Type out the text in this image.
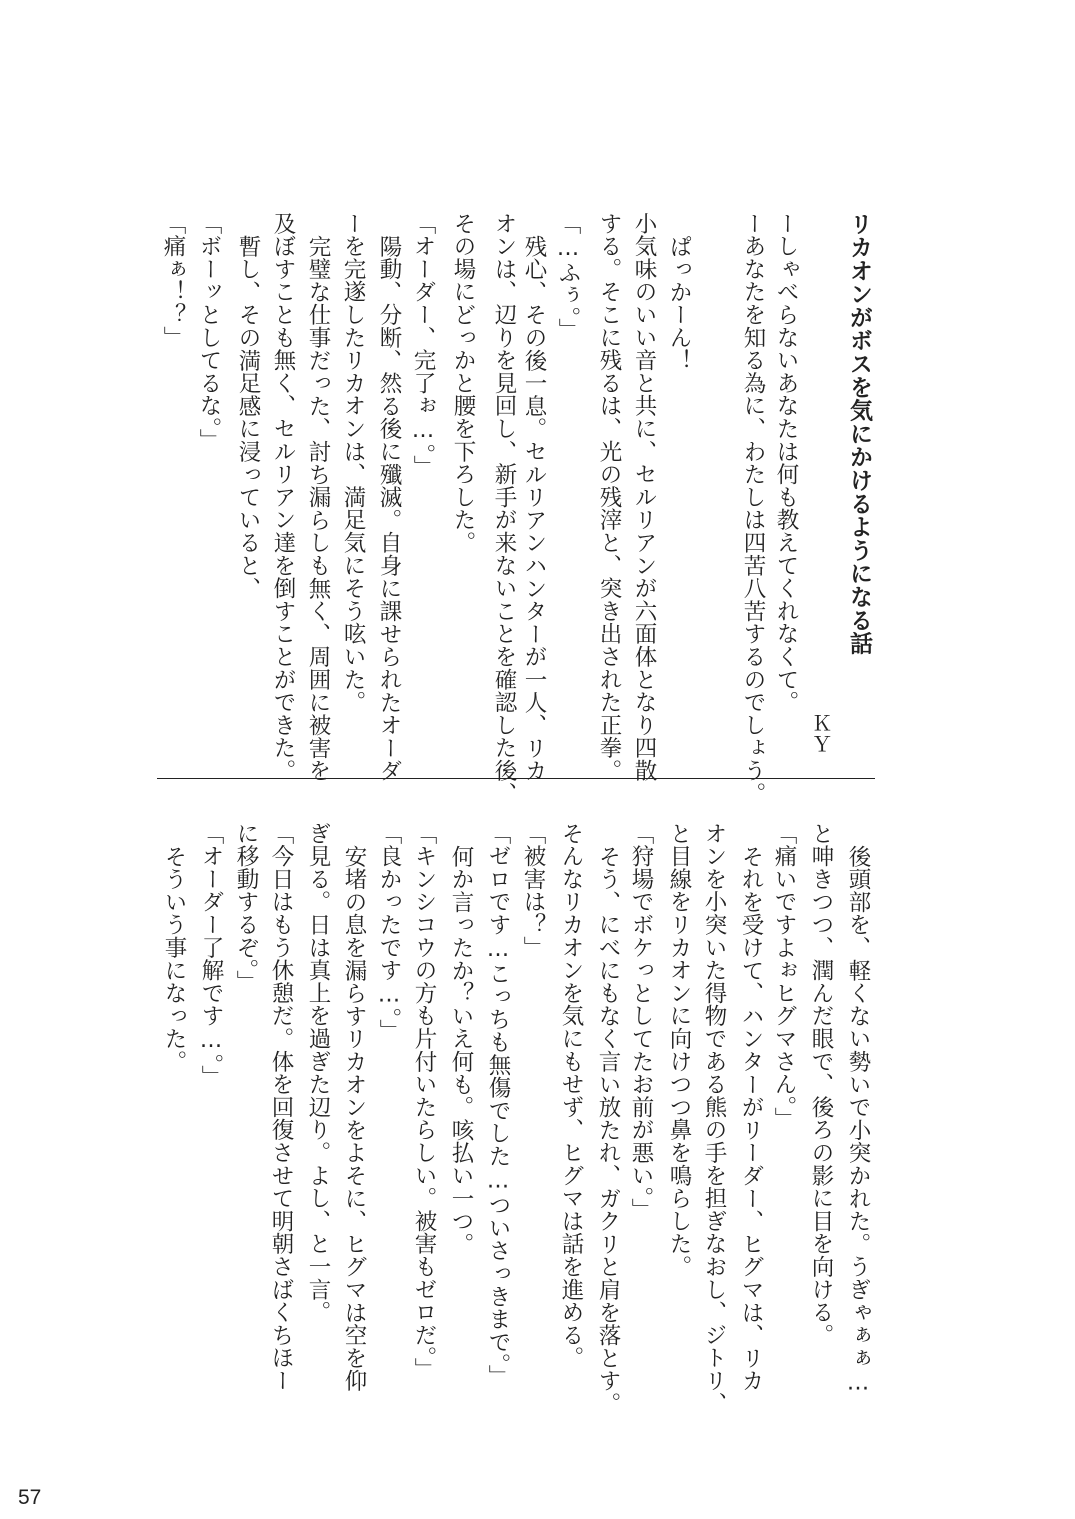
リカオンがボスを気にかけるようになる話
ＫＹ
ーしゃべらないあなたは何も教えてくれなくて。
ーあなたを知る為に、わたしは四苦八苦するのでしょう。
ぱっかーん！
小気味のいい音と共に、セルリアンが六面体となり四散
する。そこに残るは、光の残滓と、突き出された正拳。
「…ふぅ。」
残心、その後一息。セルリアンハンターが一人、リカ
オンは、辺りを見回し、新手が来ないことを確認した後、
その場にどっかと腰を下ろした。
「オーダー、完了ぉ…。」
陽動、分断、然る後に殲滅。自身に課せられたオーダ
ーを完遂したリカオンは、満足気にそう呟いた。
完璧な仕事だった、討ち漏らしも無く、周囲に被害を
及ぼすことも無く、セルリアン達を倒すことができた。
暫し、その満足感に浸っていると、
「ボーッとしてるな。」
「痛ぁ！？」
後頭部を、軽くない勢いで小突かれた。うぎゃぁぁ…
と呻きつつ、潤んだ眼で、後ろの影に目を向ける。
「痛いですよぉヒグマさん。」
それを受けて、ハンターがリーダー、ヒグマは、リカ
オンを小突いた得物である熊の手を担ぎなおし、ジトリ、
と目線をリカオンに向けつつ鼻を鳴らした。
「狩場でボケっとしてたお前が悪い。」
そう、にべにもなく言い放たれ、ガクリと肩を落とす。
そんなリカオンを気にもせず、ヒグマは話を進める。
「被害は？」
「ゼロです…こっちも無傷でした…ついさっきまで。」
何か言ったか？いえ何も。咳払い一つ。
「キンシコウの方も片付いたらしい。被害もゼロだ。」
「良かったです…。」
安堵の息を漏らすリカオンをよそに、ヒグマは空を仰
ぎ見る。日は真上を過ぎた辺り。よし、と一言。
「今日はもう休憩だ。体を回復させて明朝さばくちほー
に移動するぞ。」
「オーダー了解です…。」
そういう事になった。
57
